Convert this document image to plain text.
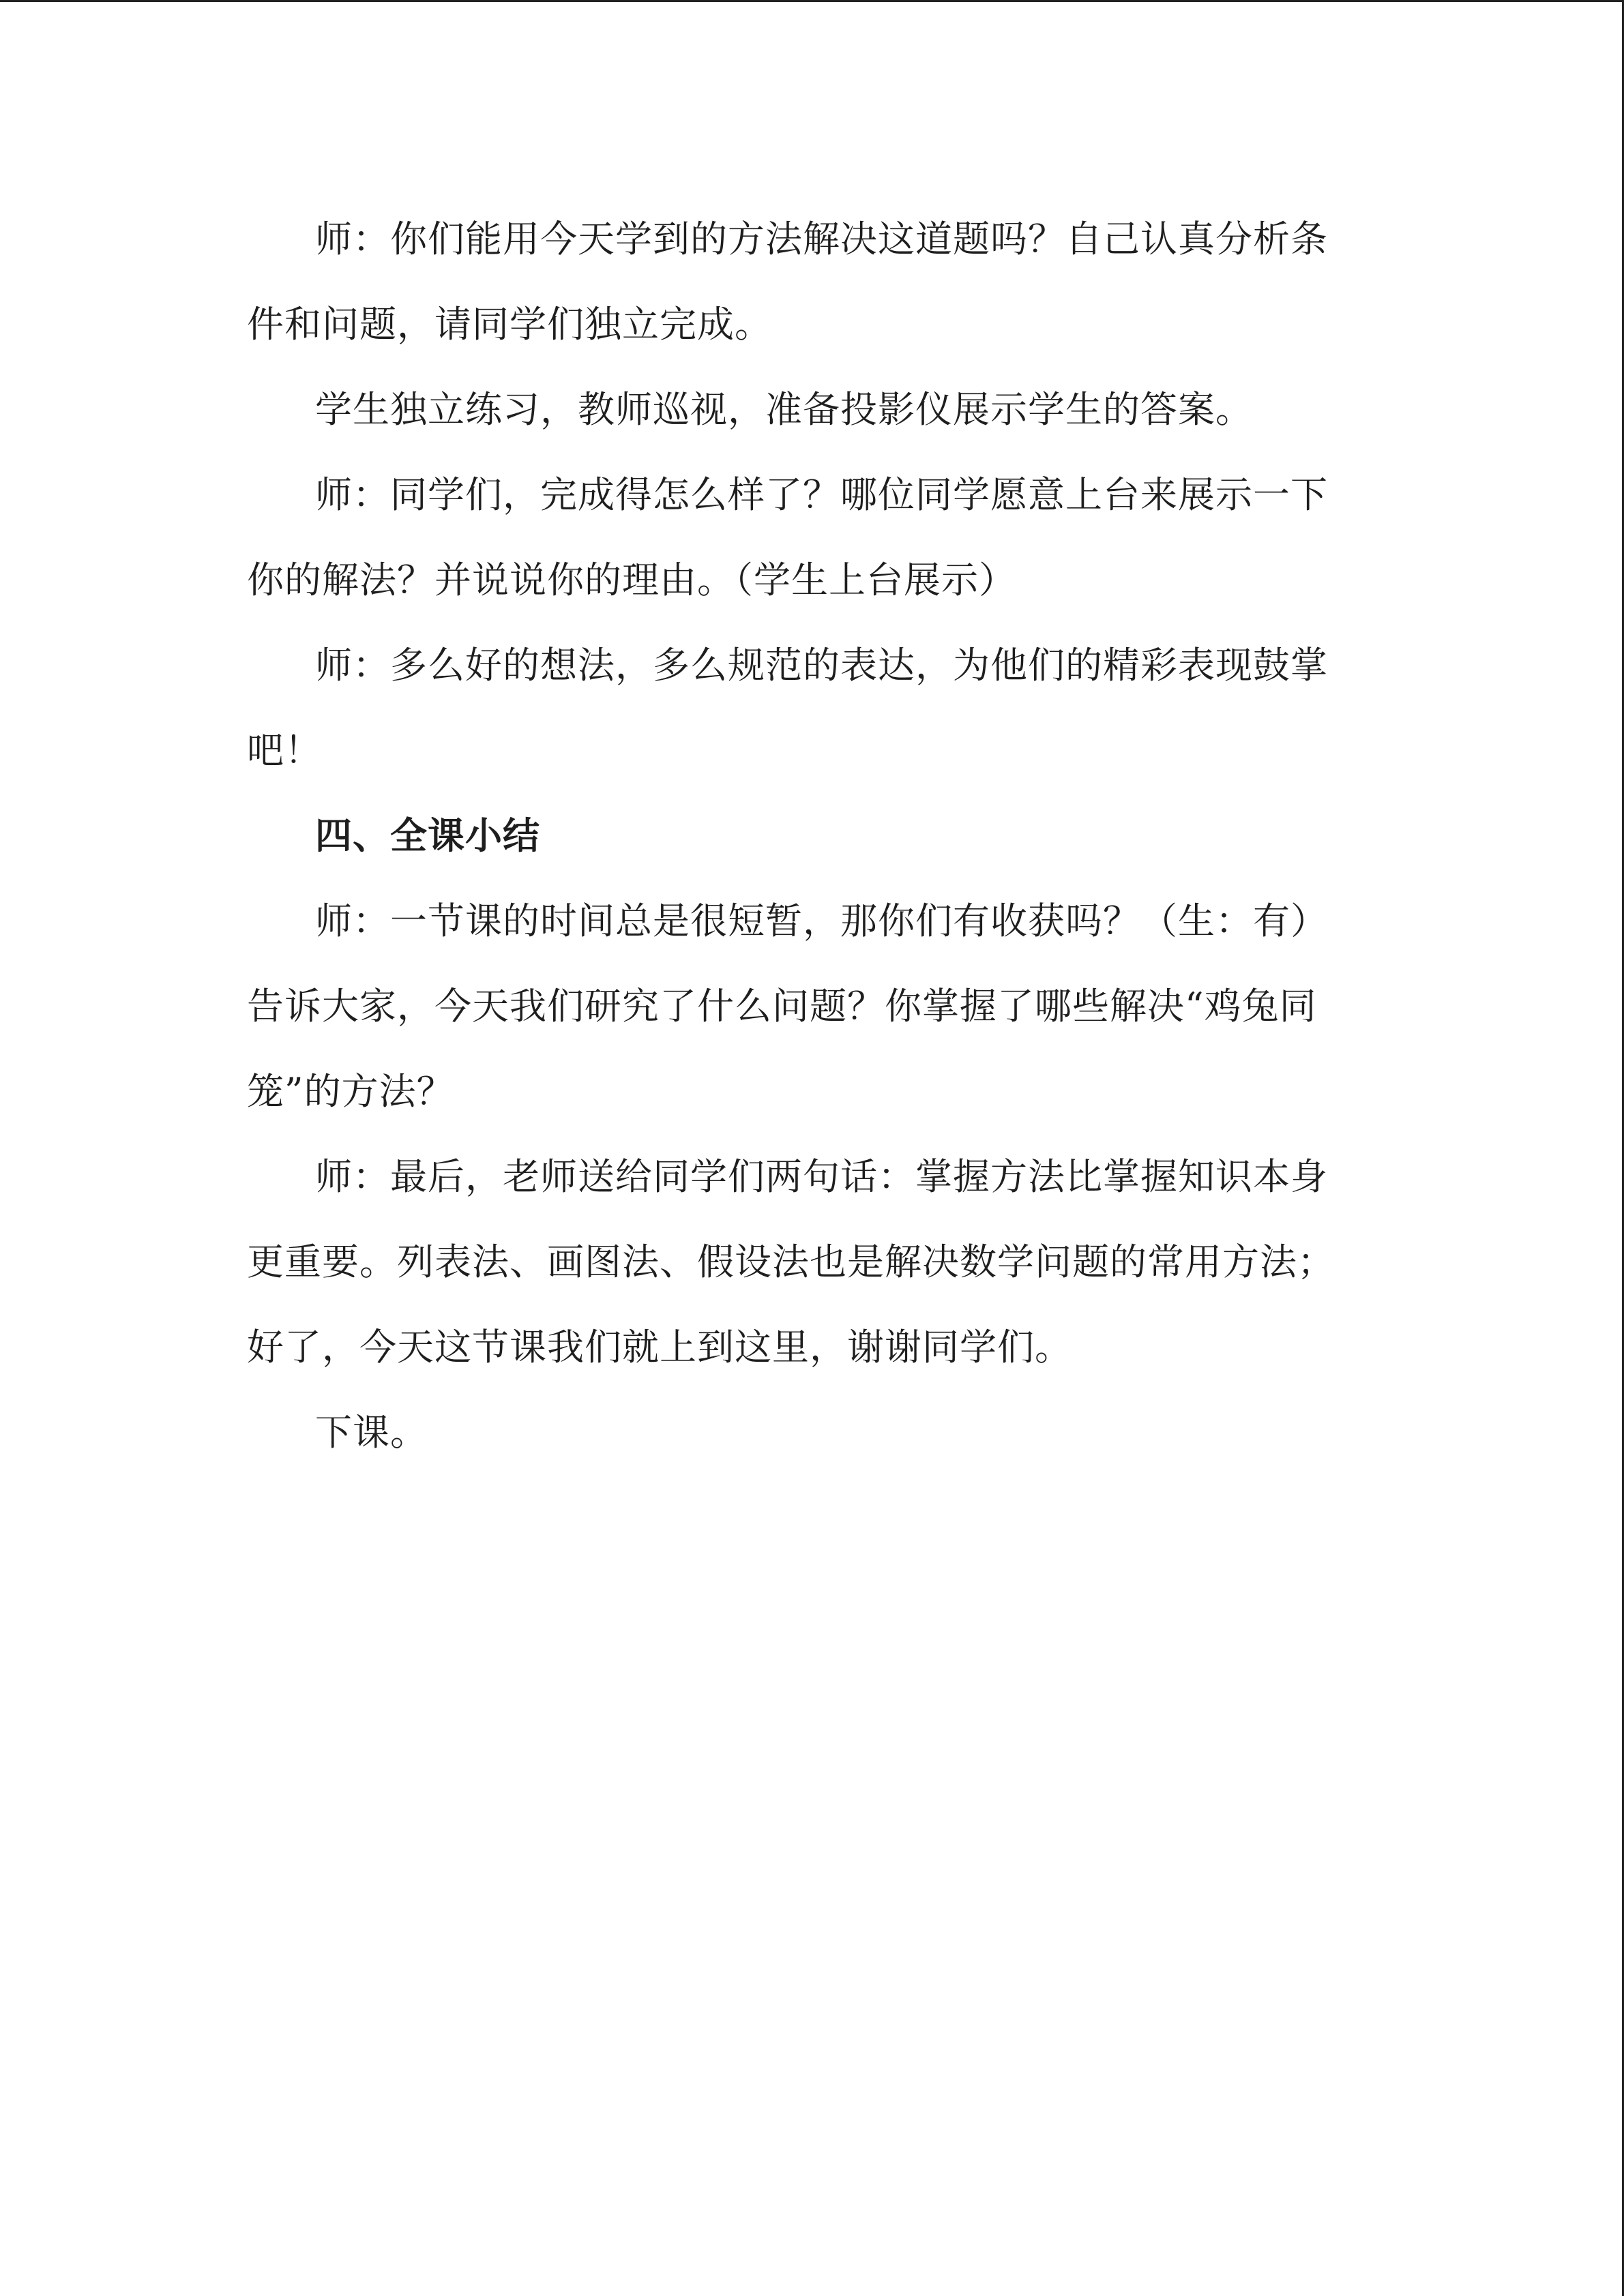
师：你们能用今天学到的方法解决这道题吗？自己认真分析条件和问题，请同学们独立完成。

学生独立练习，教师巡视，准备投影仪展示学生的答案。

师：同学们，完成得怎么样了？哪位同学愿意上台来展示一下你的解法？并说说你的理由。（学生上台展示）

师：多么好的想法，多么规范的表达，为他们的精彩表现鼓掌吧！

四、全课小结

师：一节课的时间总是很短暂，那你们有收获吗？（生：有）告诉大家，今天我们研究了什么问题？你掌握了哪些解决“鸡兔同笼”的方法？

师：最后，老师送给同学们两句话：掌握方法比掌握知识本身更重要。列表法、画图法、假设法也是解决数学问题的常用方法；好了，今天这节课我们就上到这里，谢谢同学们。

下课。
